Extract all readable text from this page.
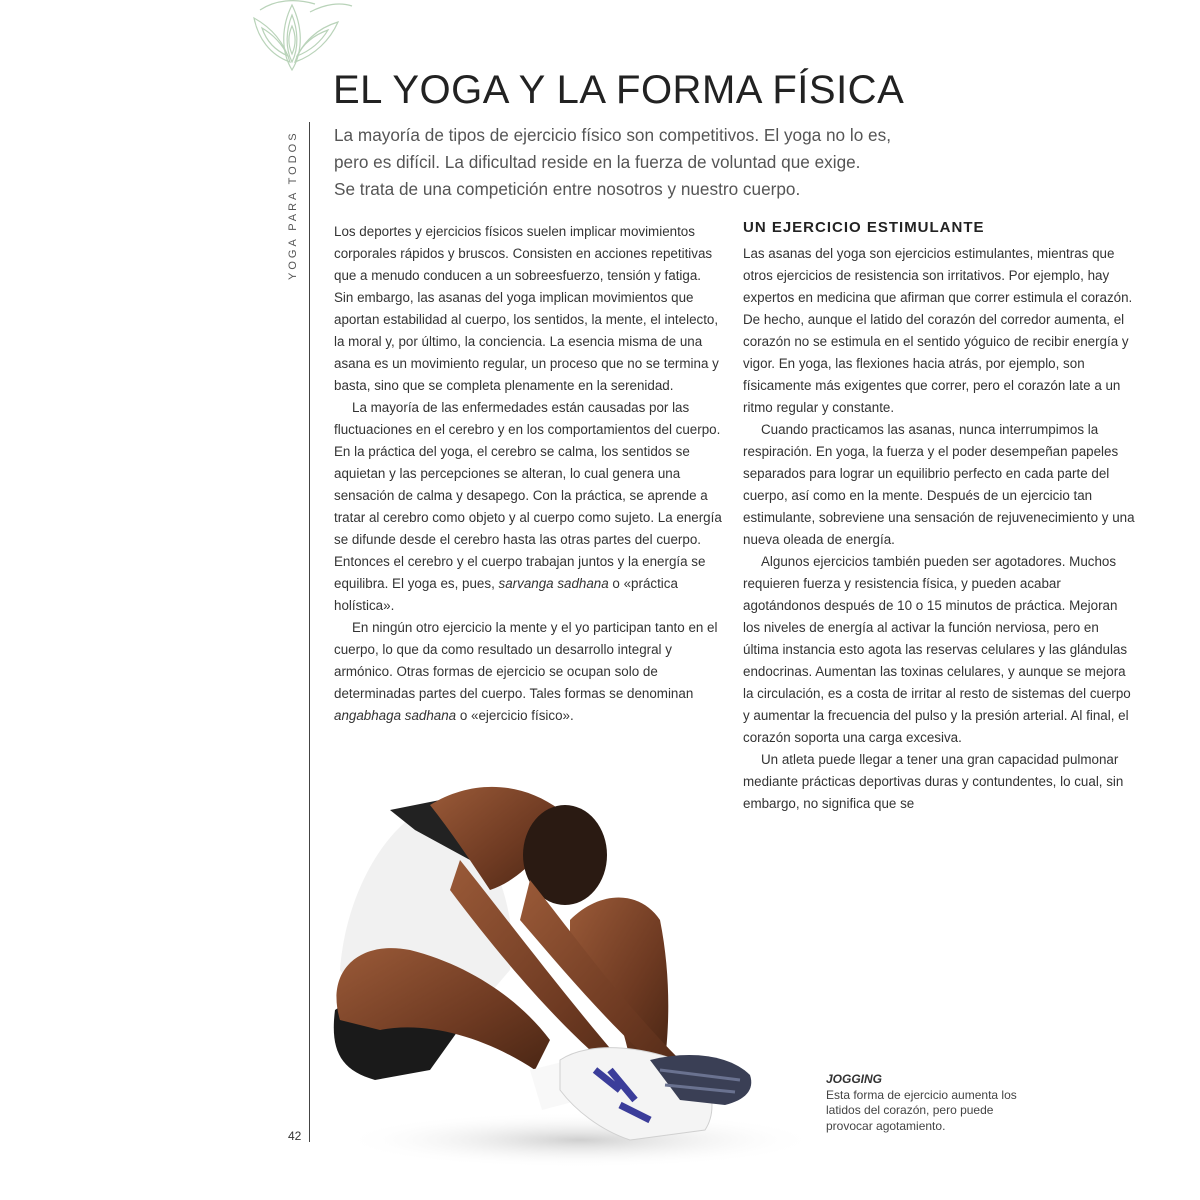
EL YOGA Y LA FORMA FÍSICA
YOGA PARA TODOS
42

La mayoría de tipos de ejercicio físico son competitivos. El yoga no lo es,

pero es difícil. La dificultad reside en la fuerza de voluntad que exige.

Se trata de una competición entre nosotros y nuestro cuerpo.

Los deportes y ejercicios físicos suelen implicar movimientos corporales rápidos y bruscos. Consisten en acciones repetitivas que a menudo conducen a un sobreesfuerzo, tensión y fatiga. Sin embargo, las asanas del yoga implican movimientos que aportan estabilidad al cuerpo, los sentidos, la mente, el intelecto, la moral y, por último, la conciencia. La esencia misma de una asana es un movimiento regular, un proceso que no se termina y basta, sino que se completa plenamente en la serenidad.

La mayoría de las enfermedades están causadas por las fluctuaciones en el cerebro y en los comportamientos del cuerpo. En la práctica del yoga, el cerebro se calma, los sentidos se aquietan y las percepciones se alteran, lo cual genera una sensación de calma y desapego. Con la práctica, se aprende a tratar al cerebro como objeto y al cuerpo como sujeto. La energía se difunde desde el cerebro hasta las otras partes del cuerpo. Entonces el cerebro y el cuerpo trabajan juntos y la energía se equilibra. El yoga es, pues, sarvanga sadhana o «práctica holística».

En ningún otro ejercicio la mente y el yo participan tanto en el cuerpo, lo que da como resultado un desarrollo integral y armónico. Otras formas de ejercicio se ocupan solo de determinadas partes del cuerpo. Tales formas se denominan angabhaga sadhana o «ejercicio físico».

UN EJERCICIO ESTIMULANTE

Las asanas del yoga son ejercicios estimulantes, mientras que otros ejercicios de resistencia son irritativos. Por ejemplo, hay expertos en medicina que afirman que correr estimula el corazón. De hecho, aunque el latido del corazón del corredor aumenta, el corazón no se estimula en el sentido yóguico de recibir energía y vigor. En yoga, las flexiones hacia atrás, por ejemplo, son físicamente más exigentes que correr, pero el corazón late a un ritmo regular y constante.

Cuando practicamos las asanas, nunca interrumpimos la respiración. En yoga, la fuerza y el poder desempeñan papeles separados para lograr un equilibrio perfecto en cada parte del cuerpo, así como en la mente. Después de un ejercicio tan estimulante, sobreviene una sensación de rejuvenecimiento y una nueva oleada de energía.

Algunos ejercicios también pueden ser agotadores. Muchos requieren fuerza y resistencia física, y pueden acabar agotándonos después de 10 o 15 minutos de práctica. Mejoran los niveles de energía al activar la función nerviosa, pero en última instancia esto agota las reservas celulares y las glándulas endocrinas. Aumentan las toxinas celulares, y aunque se mejora la circulación, es a costa de irritar al resto de sistemas del cuerpo y aumentar la frecuencia del pulso y la presión arterial. Al final, el corazón soporta una carga excesiva.

Un atleta puede llegar a tener una gran capacidad pulmonar mediante prácticas deportivas duras y contundentes, lo cual, sin embargo, no significa que se

JOGGING
Esta forma de ejercicio aumenta los latidos del corazón, pero puede provocar agotamiento.
